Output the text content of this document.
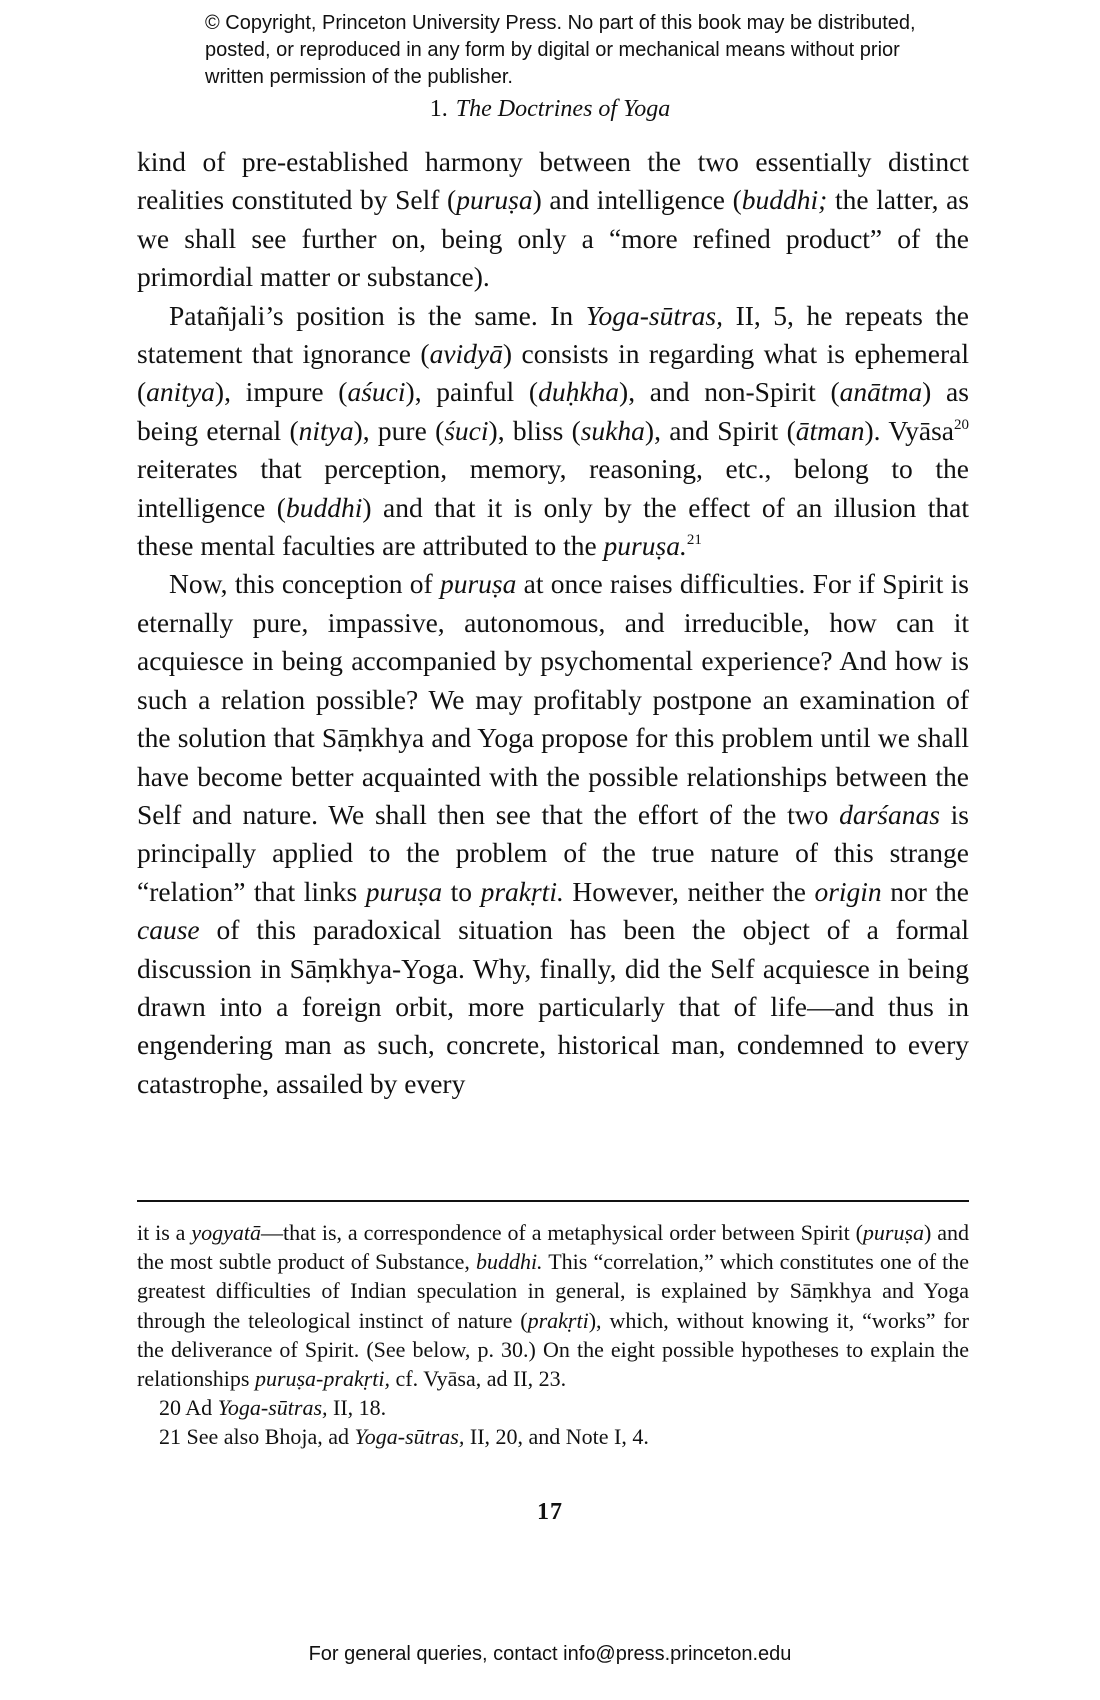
© Copyright, Princeton University Press. No part of this book may be distributed, posted, or reproduced in any form by digital or mechanical means without prior written permission of the publisher.
1. The Doctrines of Yoga

kind of pre-established harmony between the two essentially distinct realities constituted by Self (puruṣa) and intelligence (buddhi; the latter, as we shall see further on, being only a “more refined product” of the primordial matter or substance).

Patañjali’s position is the same. In Yoga-sūtras, II, 5, he repeats the statement that ignorance (avidyā) consists in regarding what is ephemeral (anitya), impure (aśuci), painful (duḥkha), and non-Spirit (anātma) as being eternal (nitya), pure (śuci), bliss (sukha), and Spirit (ātman). Vyāsa$^{20}$ reiterates that perception, memory, reasoning, etc., belong to the intelligence (buddhi) and that it is only by the effect of an illusion that these mental faculties are attributed to the puruṣa.$^{21}$

Now, this conception of puruṣa at once raises difficulties. For if Spirit is eternally pure, impassive, autonomous, and irreducible, how can it acquiesce in being accompanied by psychomental experience? And how is such a relation possible? We may profitably postpone an examination of the solution that Sāṃkhya and Yoga propose for this problem until we shall have become better acquainted with the possible relationships between the Self and nature. We shall then see that the effort of the two darśanas is principally applied to the problem of the true nature of this strange “relation” that links puruṣa to prakṛti. However, neither the origin nor the cause of this paradoxical situation has been the object of a formal discussion in Sāṃkhya-Yoga. Why, finally, did the Self acquiesce in being drawn into a foreign orbit, more particularly that of life—and thus in engendering man as such, concrete, historical man, condemned to every catastrophe, assailed by every

it is a yogyatā—that is, a correspondence of a metaphysical order between Spirit (puruṣa) and the most subtle product of Substance, buddhi. This “correlation,” which constitutes one of the greatest difficulties of Indian speculation in general, is explained by Sāṃkhya and Yoga through the teleological instinct of nature (prakṛti), which, without knowing it, “works” for the deliverance of Spirit. (See below, p. 30.) On the eight possible hypotheses to explain the relationships puruṣa-prakṛti, cf. Vyāsa, ad II, 23.

20 Ad Yoga-sūtras, II, 18.

21 See also Bhoja, ad Yoga-sūtras, II, 20, and Note I, 4.

17
For general queries, contact info@press.princeton.edu
